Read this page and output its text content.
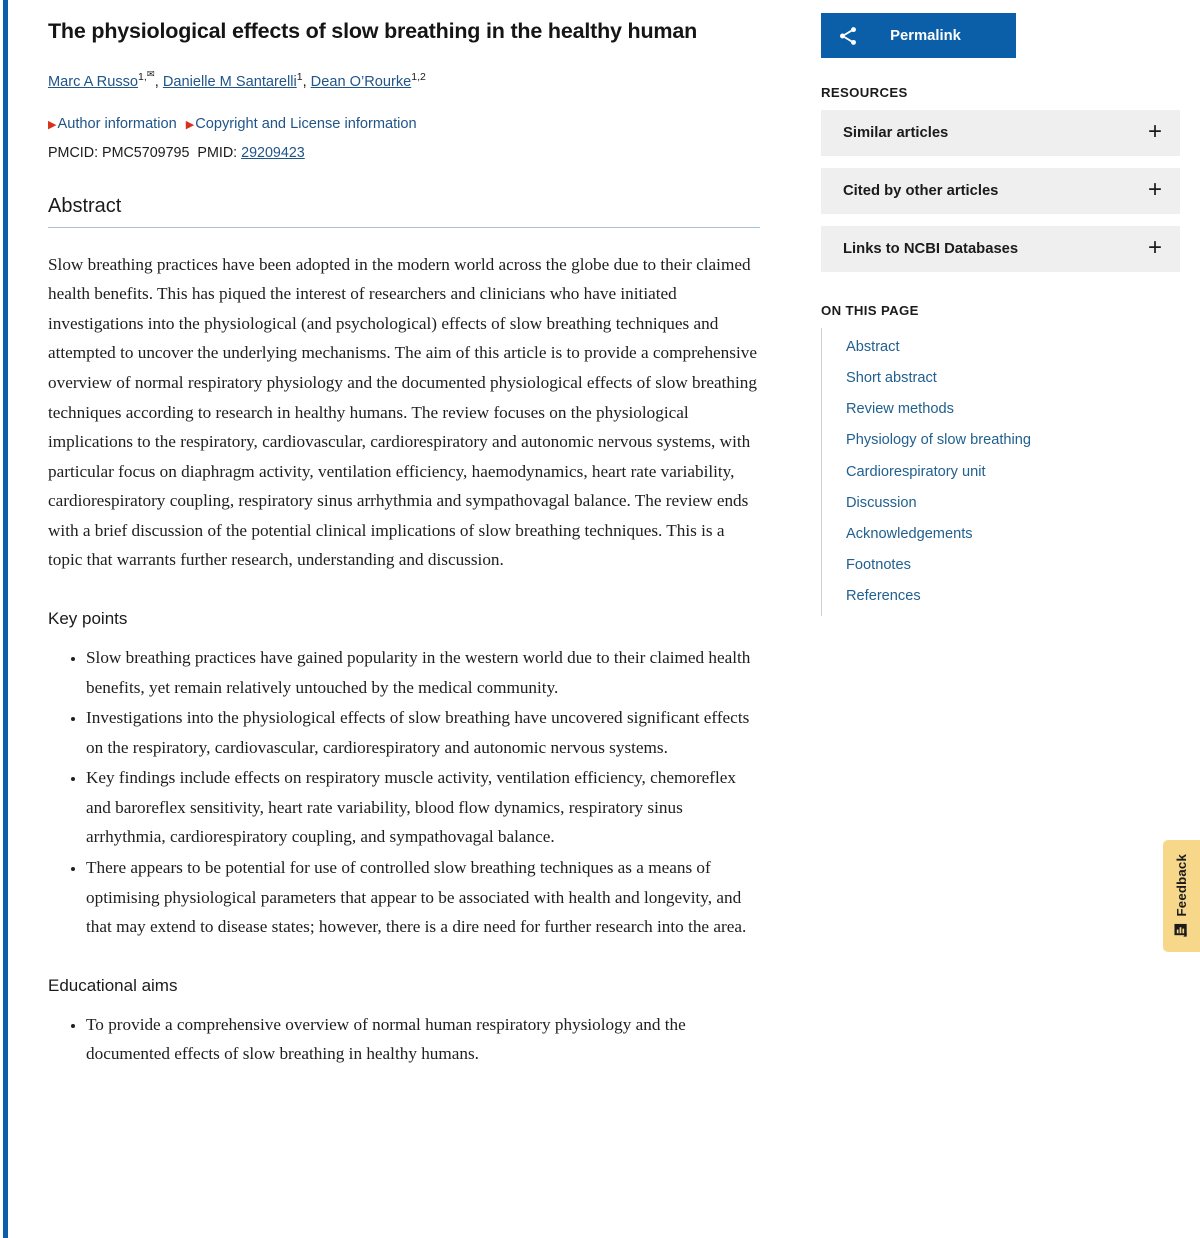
The physiological effects of slow breathing in the healthy human
Marc A Russo$^{1,✉}$, Danielle M Santarelli$^1$, Dean O’Rourke$^{1,2}$
▶Author information ▶Copyright and License information
PMCID: PMC5709795 PMID: 29209423
Abstract

Slow breathing practices have been adopted in the modern world across the globe due to their claimed health benefits. This has piqued the interest of researchers and clinicians who have initiated investigations into the physiological (and psychological) effects of slow breathing techniques and attempted to uncover the underlying mechanisms. The aim of this article is to provide a comprehensive overview of normal respiratory physiology and the documented physiological effects of slow breathing techniques according to research in healthy humans. The review focuses on the physiological implications to the respiratory, cardiovascular, cardiorespiratory and autonomic nervous systems, with particular focus on diaphragm activity, ventilation efficiency, haemodynamics, heart rate variability, cardiorespiratory coupling, respiratory sinus arrhythmia and sympathovagal balance. The review ends with a brief discussion of the potential clinical implications of slow breathing techniques. This is a topic that warrants further research, understanding and discussion.

Key points
• Slow breathing practices have gained popularity in the western world due to their claimed health benefits, yet remain relatively untouched by the medical community.
• Investigations into the physiological effects of slow breathing have uncovered significant effects on the respiratory, cardiovascular, cardiorespiratory and autonomic nervous systems.
• Key findings include effects on respiratory muscle activity, ventilation efficiency, chemoreflex and baroreflex sensitivity, heart rate variability, blood flow dynamics, respiratory sinus arrhythmia, cardiorespiratory coupling, and sympathovagal balance.
• There appears to be potential for use of controlled slow breathing techniques as a means of optimising physiological parameters that appear to be associated with health and longevity, and that may extend to disease states; however, there is a dire need for further research into the area.
Educational aims
• To provide a comprehensive overview of normal human respiratory physiology and the documented effects of slow breathing in healthy humans.
Permalink
RESOURCES
Similar articles	+
Cited by other articles	+
Links to NCBI Databases	+
ON THIS PAGE
Abstract
Short abstract
Review methods
Physiology of slow breathing
Cardiorespiratory unit
Discussion
Acknowledgements
Footnotes
References
Feedback
